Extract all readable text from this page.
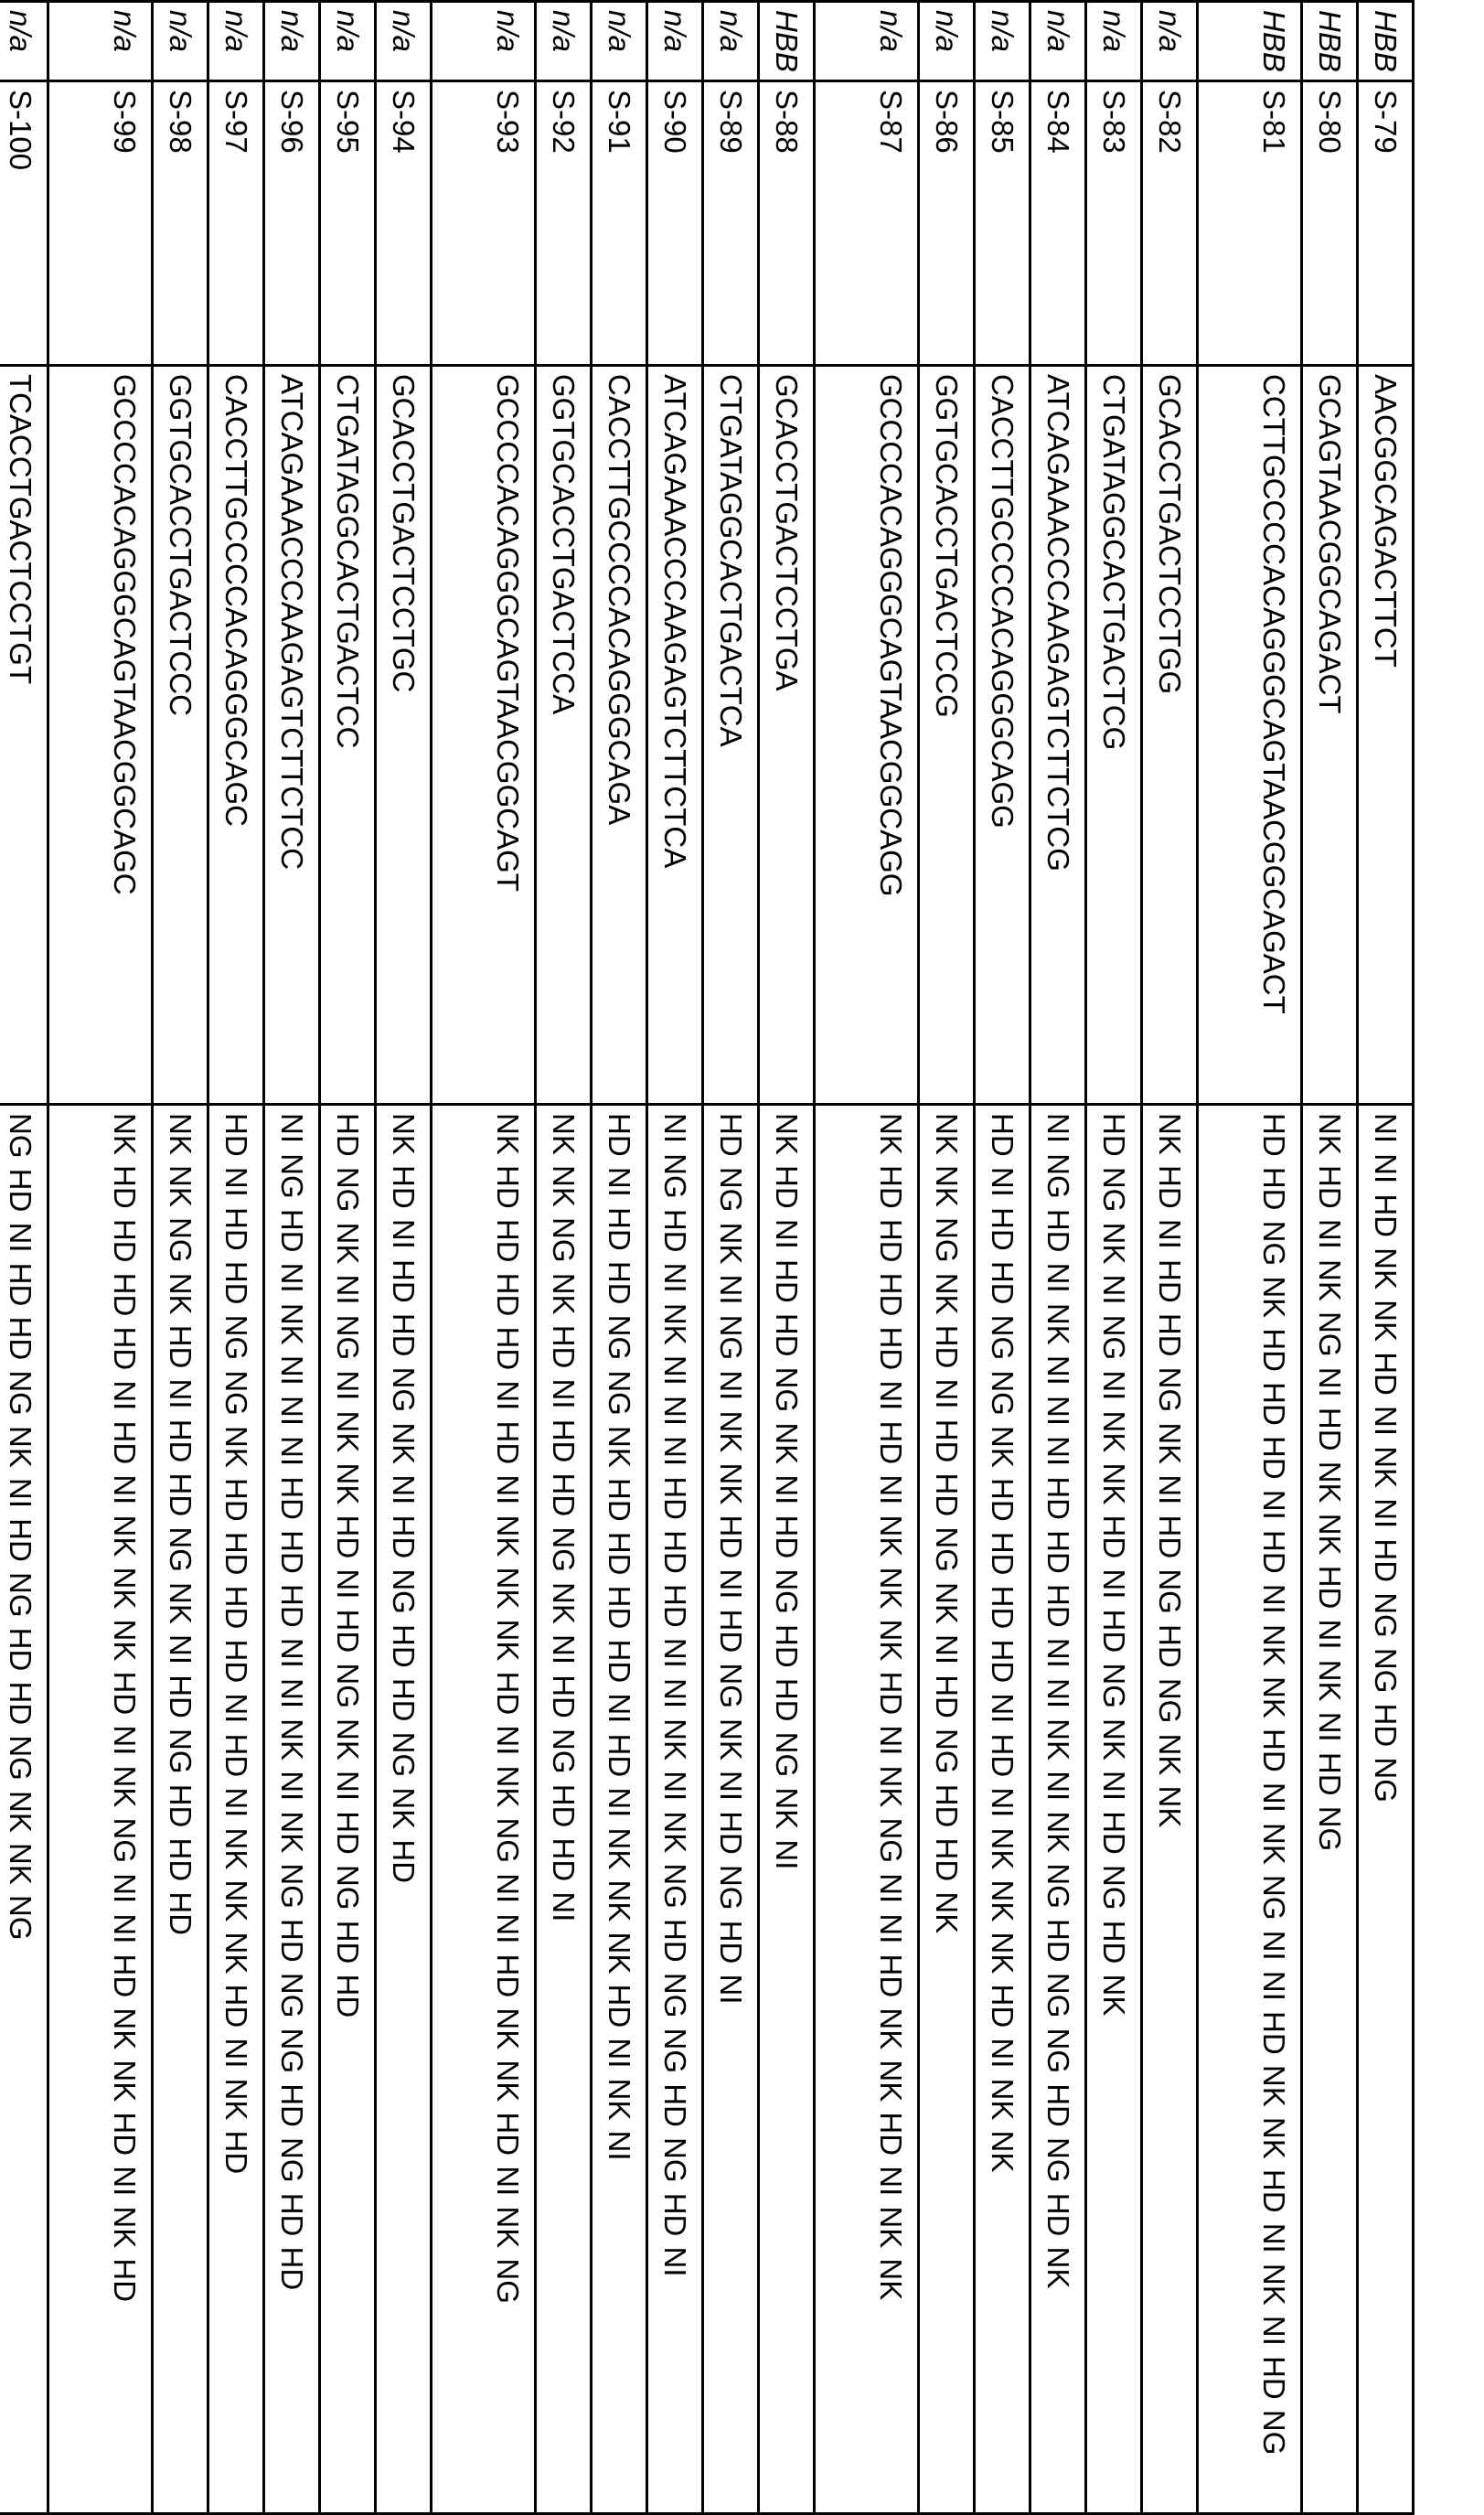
HBB	S-79	AACGGCAGACTTCT	NI NI HD NK NK HD NI NK NI HD NG NG HD NG
HBB	S-80	GCAGTAACGGCAGACT	NK HD NI NK NG NI HD NK NK HD NI NK NI HD NG
HBB	S-81	CCTTGCCCCACAGGGCAGTAACGGCAGACT	HD HD NG NK HD HD HD NI HD NI NK NK HD NI NK NG NI NI HD NK NK HD NI NK NI HD NG
n/a	S-82	GCACCTGACTCCTGG	NK HD NI HD HD NG NK NI HD NG HD NG NK NK
n/a	S-83	CTGATAGGCACTGACTCG	HD NG NK NI NG NI NK NK HD NI HD NG NK NI HD NG HD NK
n/a	S-84	ATCAGAAACCCAAGAGTCTTCTCG	NI NG HD NI NK NI NI NI HD HD HD NI NI NK NI NK NG HD NG NG HD NG HD NK
n/a	S-85	CACCTTGCCCCACAGGGCAGG	HD NI HD HD NG NG NK HD HD HD HD NI HD NI NK NK NK HD NI NK NK
n/a	S-86	GGTGCACCTGACTCCG	NK NK NG NK HD NI HD HD NG NK NI HD NG HD HD NK
n/a	S-87	GCCCCACAGGGCAGTAACGGCAGG	NK HD HD HD HD NI HD NI NK NK NK HD NI NK NG NI NI HD NK NK HD NI NK NK
HBB	S-88	GCACCTGACTCCTGA	NK HD NI HD HD NG NK NI HD NG HD HD NG NK NI
n/a	S-89	CTGATAGGCACTGACTCA	HD NG NK NI NG NI NK NK HD NI HD NG NK NI HD NG HD NI
n/a	S-90	ATCAGAAACCCAAGAGTCTTCTCA	NI NG HD NI NK NI NI NI HD HD HD NI NI NK NI NK NG HD NG NG HD NG HD NI
n/a	S-91	CACCTTGCCCCACAGGGCAGA	HD NI HD HD NG NG NK HD HD HD HD NI HD NI NK NK NK HD NI NK NI
n/a	S-92	GGTGCACCTGACTCCA	NK NK NG NK HD NI HD HD NG NK NI HD NG HD HD NI
n/a	S-93	GCCCCACAGGGCAGTAACGGCAGT	NK HD HD HD HD NI HD NI NK NK NK HD NI NK NG NI NI HD NK NK HD NI NK NG
n/a	S-94	GCACCTGACTCCTGC	NK HD NI HD HD NG NK NI HD NG HD HD NG NK HD
n/a	S-95	CTGATAGGCACTGACTCC	HD NG NK NI NG NI NK NK HD NI HD NG NK NI HD NG HD HD
n/a	S-96	ATCAGAAACCCAAGAGTCTTCTCC	NI NG HD NI NK NI NI NI HD HD HD NI NI NK NI NK NG HD NG NG HD NG HD HD
n/a	S-97	CACCTTGCCCCACAGGGCAGC	HD NI HD HD NG NG NK HD HD HD HD NI HD NI NK NK NK HD NI NK HD
n/a	S-98	GGTGCACCTGACTCCC	NK NK NG NK HD NI HD HD NG NK NI HD NG HD HD HD
n/a	S-99	GCCCCACAGGGCAGTAACGGCAGC	NK HD HD HD HD NI HD NI NK NK NK HD NI NK NG NI NI HD NK NK HD NI NK HD
n/a	S-100	TCACCTGACTCCTGT	NG HD NI HD HD NG NK NI HD NG HD HD NG NK NK NG
